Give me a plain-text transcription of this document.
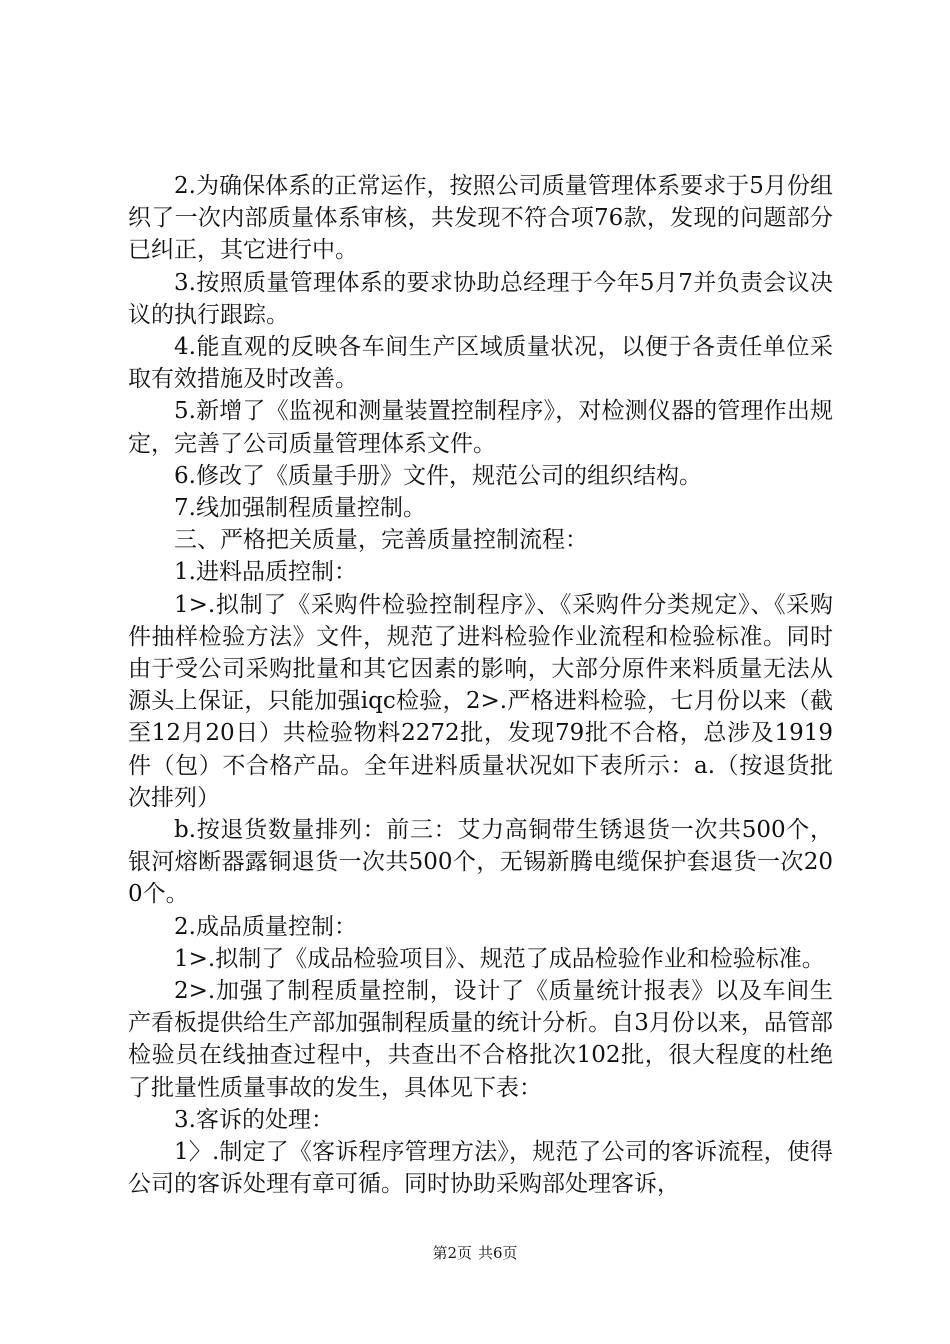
2.为确保体系的正常运作，按照公司质量管理体系要求于5月份组织了一次内部质量体系审核，共发现不符合项76款，发现的问题部分已纠正，其它进行中。

3.按照质量管理体系的要求协助总经理于今年5月7并负责会议决议的执行跟踪。

4.能直观的反映各车间生产区域质量状况，以便于各责任单位采取有效措施及时改善。

5.新增了《监视和测量装置控制程序》，对检测仪器的管理作出规定，完善了公司质量管理体系文件。

6.修改了《质量手册》文件，规范公司的组织结构。

7.线加强制程质量控制。

三、严格把关质量，完善质量控制流程：

1.进料品质控制：

1>.拟制了《采购件检验控制程序》、《采购件分类规定》、《采购件抽样检验方法》文件，规范了进料检验作业流程和检验标准。同时由于受公司采购批量和其它因素的影响，大部分原件来料质量无法从源头上保证，只能加强iqc检验，2>.严格进料检验，七月份以来（截至12月20日）共检验物料2272批，发现79批不合格，总涉及1919件（包）不合格产品。全年进料质量状况如下表所示：a.（按退货批次排列）

b.按退货数量排列：前三：艾力高铜带生锈退货一次共500个，银河熔断器露铜退货一次共500个，无锡新腾电缆保护套退货一次200个。

2.成品质量控制：

1>.拟制了《成品检验项目》、规范了成品检验作业和检验标准。

2>.加强了制程质量控制，设计了《质量统计报表》以及车间生产看板提供给生产部加强制程质量的统计分析。自3月份以来，品管部检验员在线抽查过程中，共查出不合格批次102批，很大程度的杜绝了批量性质量事故的发生，具体见下表：

3.客诉的处理：

1〉.制定了《客诉程序管理方法》，规范了公司的客诉流程，使得公司的客诉处理有章可循。同时协助采购部处理客诉，

第2页 共6页
